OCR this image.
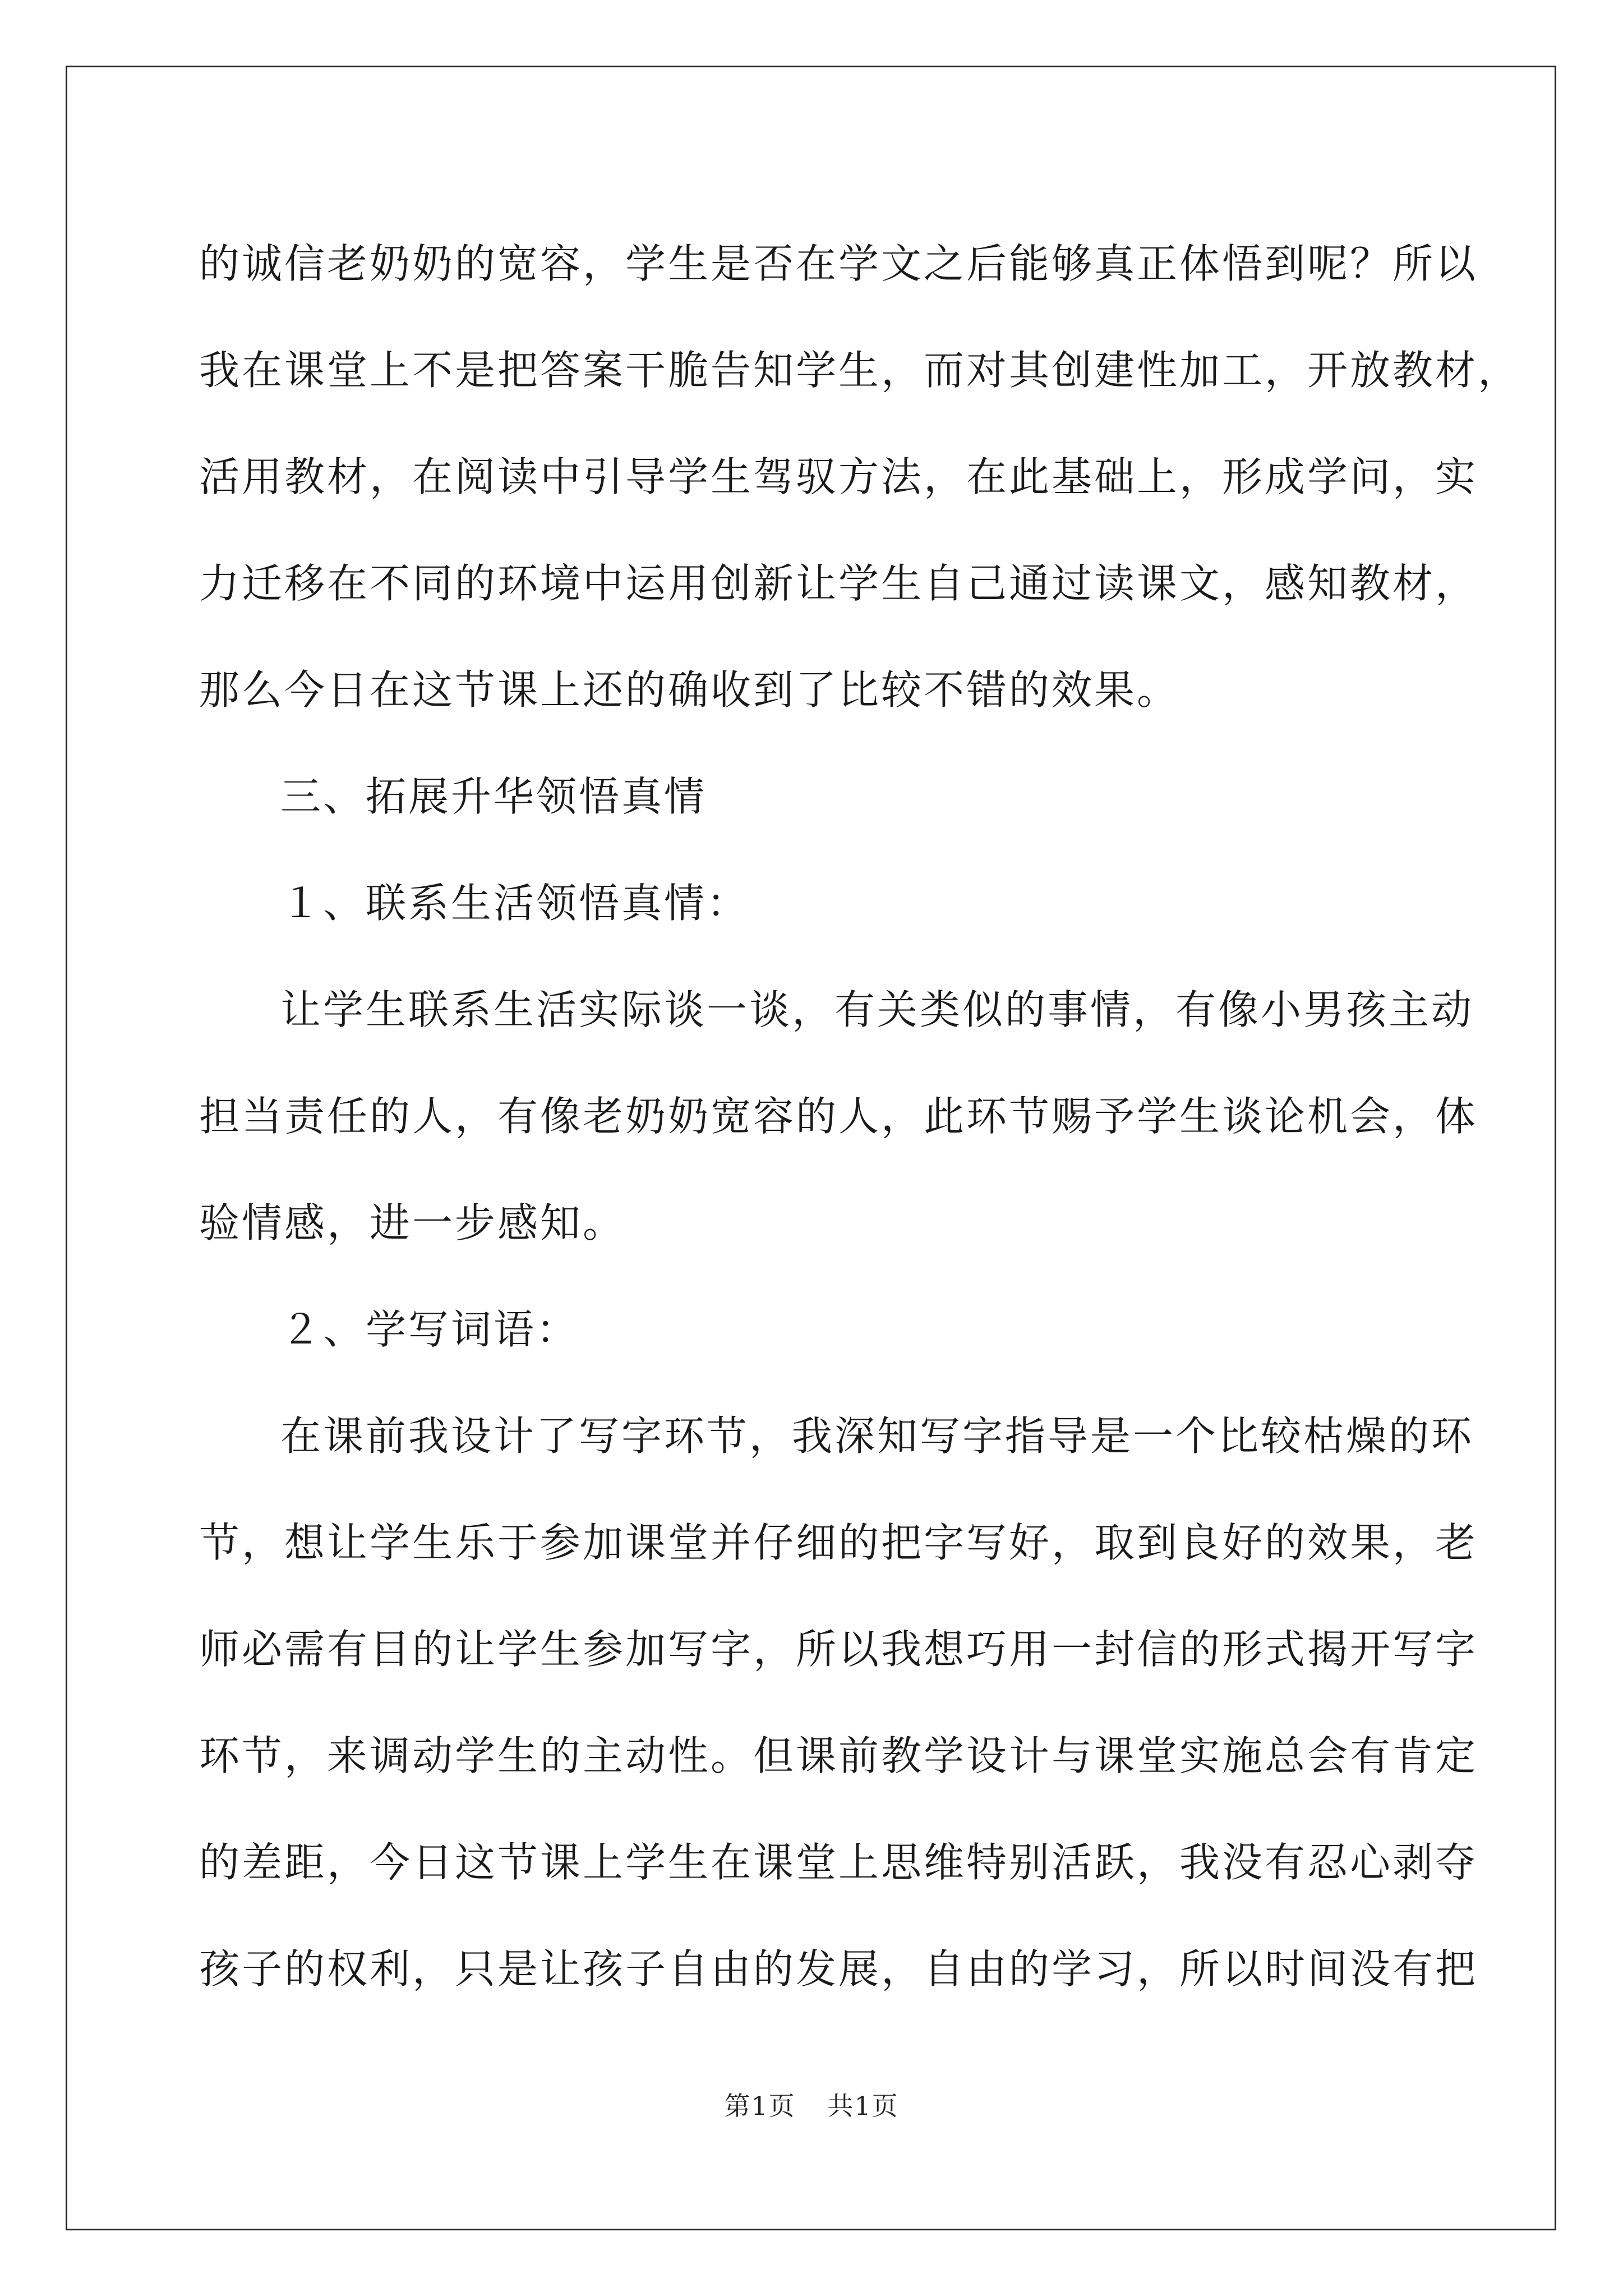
的诚信老奶奶的宽容，学生是否在学文之后能够真正体悟到呢？所以
我在课堂上不是把答案干脆告知学生，而对其创建性加工，开放教材，
活用教材，在阅读中引导学生驾驭方法，在此基础上，形成学问，实
力迁移在不同的环境中运用创新让学生自己通过读课文，感知教材，
那么今日在这节课上还的确收到了比较不错的效果。
三、拓展升华领悟真情
１、联系生活领悟真情：
让学生联系生活实际谈一谈，有关类似的事情，有像小男孩主动
担当责任的人，有像老奶奶宽容的人，此环节赐予学生谈论机会，体
验情感，进一步感知。
２、学写词语：
在课前我设计了写字环节，我深知写字指导是一个比较枯燥的环
节，想让学生乐于参加课堂并仔细的把字写好，取到良好的效果，老
师必需有目的让学生参加写字，所以我想巧用一封信的形式揭开写字
环节，来调动学生的主动性。但课前教学设计与课堂实施总会有肯定
的差距，今日这节课上学生在课堂上思维特别活跃，我没有忍心剥夺
孩子的权利，只是让孩子自由的发展，自由的学习，所以时间没有把
第1页 共1页
